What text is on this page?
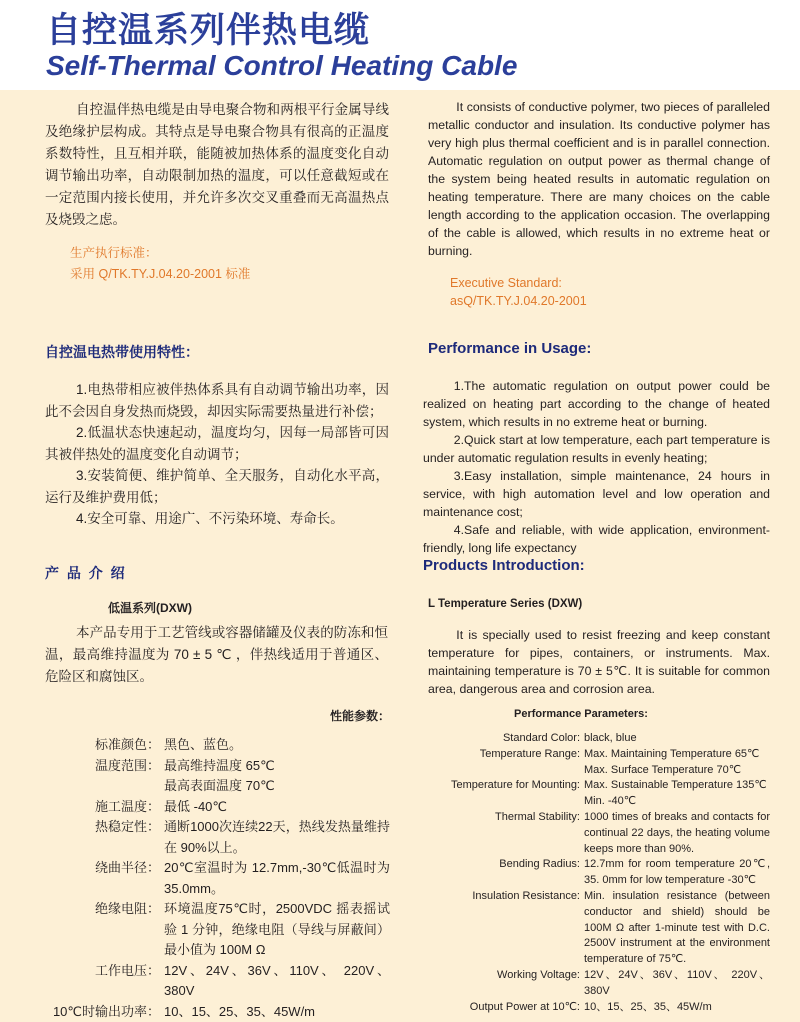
自控温系列伴热电缆
Self-Thermal Control Heating Cable
自控温伴热电缆是由导电聚合物和两根平行金属导线及绝缘护层构成。其特点是导电聚合物具有很高的正温度系数特性，且互相并联，能随被加热体系的温度变化自动调节输出功率，自动限制加热的温度，可以任意截短或在一定范围内接长使用，并允许多次交叉重叠而无高温热点及烧毁之虑。
生产执行标准：
采用 Q/TK.TY.J.04.20-2001 标准
It consists of conductive polymer, two pieces of paralleled metallic conductor and insulation. Its conductive polymer has very high plus thermal coefficient and is in parallel connection. Automatic regulation on output power as thermal change of the system being heated results in automatic regulation on heating temperature. There are many choices on the cable length according to the application occasion. The overlapping of the cable is allowed, which results in no extreme heat or burning.
Executive Standard:
asQ/TK.TY.J.04.20-2001
自控温电热带使用特性：	Performance in Usage:
1.电热带相应被伴热体系具有自动调节输出功率，因此不会因自身发热而烧毁，却因实际需要热量进行补偿；
2.低温状态快速起动，温度均匀，因每一局部皆可因其被伴热处的温度变化自动调节；
3.安装简便、维护简单、全天服务，自动化水平高，运行及维护费用低；
4.安全可靠、用途广、不污染环境、寿命长。
1.The automatic regulation on output power could be realized on heating part according to the change of heated system, which results in no extreme heat or burning.
2.Quick start at low temperature, each part temperature is under automatic regulation results in evenly heating;
3.Easy installation, simple maintenance, 24 hours in service, with high automation level and low operation and maintenance cost;
4.Safe and reliable, with wide application, environment-friendly, long life expectancy
产 品 介 绍	Products Introduction:
低温系列(DXW)	L Temperature Series (DXW)
本产品专用于工艺管线或容器储罐及仪表的防冻和恒温，最高维持温度为 70 ± 5 ℃ ，伴热线适用于普通区、危险区和腐蚀区。
It is specially used to resist freezing and keep constant temperature for pipes, containers, or instruments. Max. maintaining temperature is 70 ± 5℃. It is suitable for common area, dangerous area and corrosion area.
性能参数：	Performance Parameters:
标准颜色： 黑色、蓝色。
温度范围： 最高维持温度 65℃
最高表面温度 70℃
施工温度： 最低 -40℃
热稳定性： 通断1000次连续22天，热线发热量维持在 90%以上。
绕曲半径： 20℃室温时为 12.7mm,-30℃低温时为35.0mm。
绝缘电阻： 环境温度75℃时，2500VDC 摇表摇试验 1 分钟，绝缘电阻（导线与屏蔽间）最小值为 100M Ω
工作电压： 12V、24V、36V、110V、 220V、380V
10℃时输出功率： 10、15、25、35、45W/m
Standard Color: black, blue
Temperature Range: Max. Maintaining Temperature 65℃
Max. Surface Temperature 70℃
Temperature for Mounting: Max. Sustainable Temperature 135℃
Min. -40℃
Thermal Stability: 1000 times of breaks and contacts for continual 22 days, the heating volume keeps more than 90%.
Bending Radius: 12.7mm for room temperature 20℃, 35. 0mm for low temperature -30℃
Insulation Resistance: Min. insulation resistance (between conductor and shield) should be 100M Ω after 1-minute test with D.C. 2500V instrument at the environment temperature of 75℃.
Working Voltage: 12V、24V、36V、110V、 220V、380V
Output Power at 10℃: 10、15、25、35、45W/m
